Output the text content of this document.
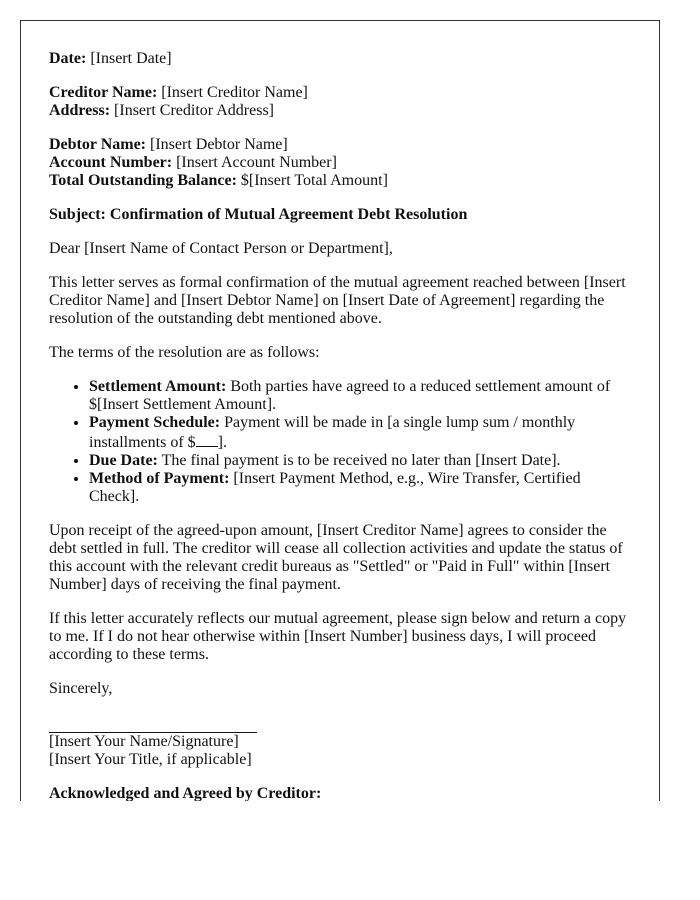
Date: [Insert Date]

Creditor Name: [Insert Creditor Name]
Address: [Insert Creditor Address]

Debtor Name: [Insert Debtor Name]
Account Number: [Insert Account Number]
Total Outstanding Balance: $[Insert Total Amount]

Subject: Confirmation of Mutual Agreement Debt Resolution

Dear [Insert Name of Contact Person or Department],

This letter serves as formal confirmation of the mutual agreement reached between [Insert Creditor Name] and [Insert Debtor Name] on [Insert Date of Agreement] regarding the resolution of the outstanding debt mentioned above.

The terms of the resolution are as follows:

• Settlement Amount: Both parties have agreed to a reduced settlement amount of $[Insert Settlement Amount].
• Payment Schedule: Payment will be made in [a single lump sum / monthly installments of $ ].
• Due Date: The final payment is to be received no later than [Insert Date].
• Method of Payment: [Insert Payment Method, e.g., Wire Transfer, Certified Check].

Upon receipt of the agreed-upon amount, [Insert Creditor Name] agrees to consider the debt settled in full. The creditor will cease all collection activities and update the status of this account with the relevant credit bureaus as "Settled" or "Paid in Full" within [Insert Number] days of receiving the final payment.

If this letter accurately reflects our mutual agreement, please sign below and return a copy to me. If I do not hear otherwise within [Insert Number] business days, I will proceed according to these terms.

Sincerely,

[Insert Your Name/Signature]
[Insert Your Title, if applicable]

Acknowledged and Agreed by Creditor:
